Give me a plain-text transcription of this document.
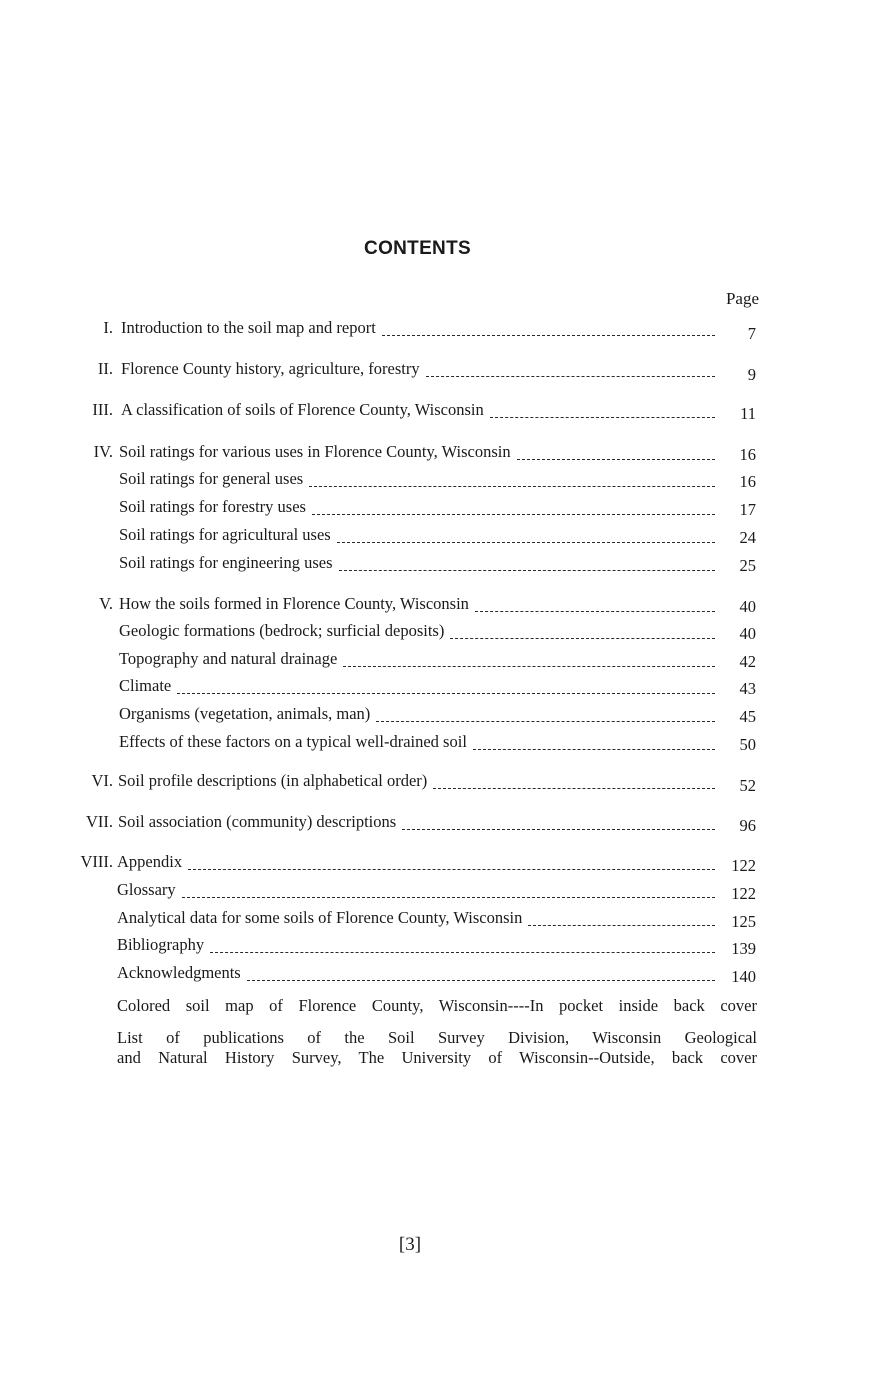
CONTENTS
Page
I. Introduction to the soil map and report	7
II. Florence County history, agriculture, forestry	9
III. A classification of soils of Florence County, Wisconsin	11
IV. Soil ratings for various uses in Florence County, Wisconsin	16
Soil ratings for general uses	16
Soil ratings for forestry uses	17
Soil ratings for agricultural uses	24
Soil ratings for engineering uses	25
V. How the soils formed in Florence County, Wisconsin	40
Geologic formations (bedrock; surficial deposits)	40
Topography and natural drainage	42
Climate	43
Organisms (vegetation, animals, man)	45
Effects of these factors on a typical well-drained soil	50
VI. Soil profile descriptions (in alphabetical order)	52
VII. Soil association (community) descriptions	96
VIII. Appendix	122
Glossary	122
Analytical data for some soils of Florence County, Wisconsin	125
Bibliography	139
Acknowledgments	140
Colored soil map of Florence County, Wisconsin----In pocket inside back cover
List of publications of the Soil Survey Division, Wisconsin Geological
and Natural History Survey, The University of Wisconsin--Outside, back cover
[3]
